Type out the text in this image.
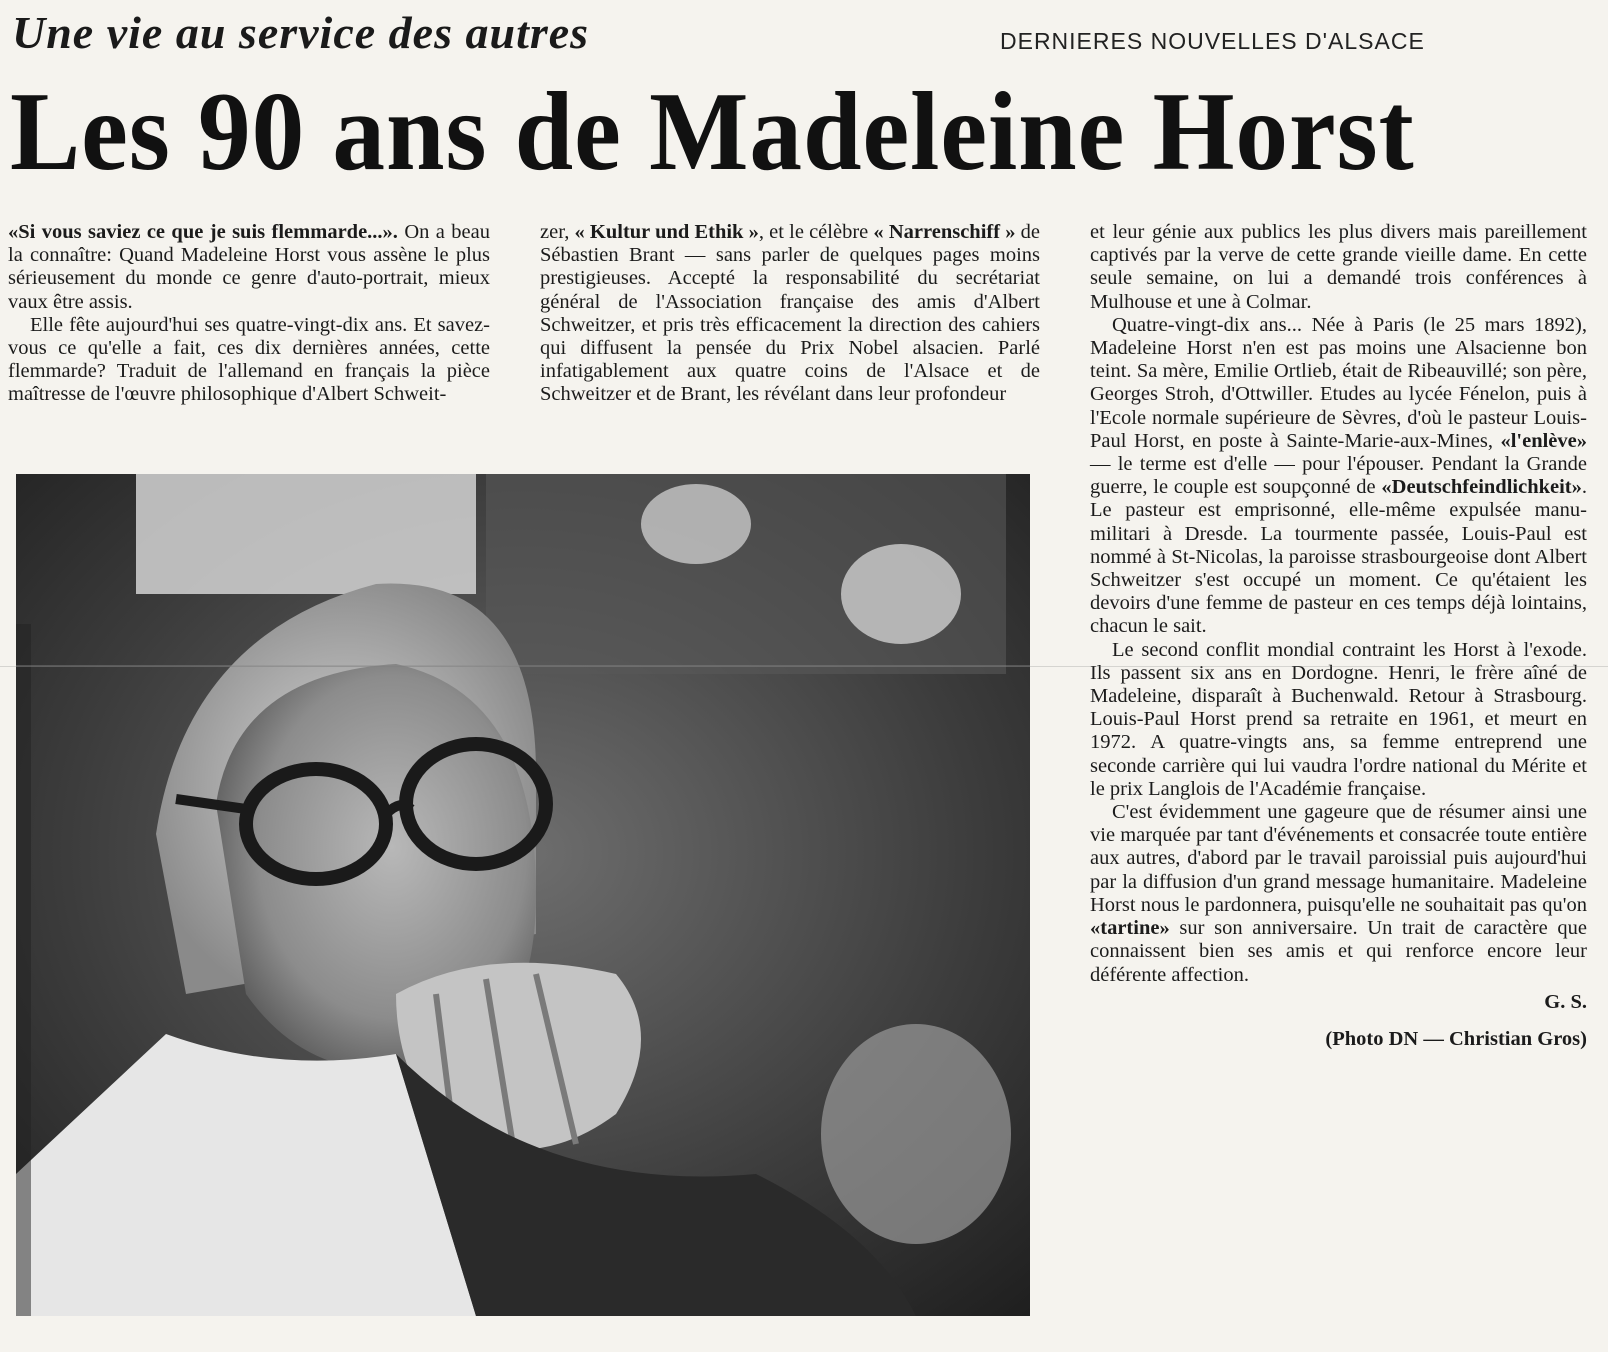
Une vie au service des autres	DERNIERES NOUVELLES D'ALSACE
Les 90 ans de Madeleine Horst

«Si vous saviez ce que je suis flemmarde...». On a beau la connaître: Quand Madeleine Horst vous assène le plus sérieusement du monde ce genre d'auto-portrait, mieux vaux être assis.

Elle fête aujourd'hui ses quatre-vingt-dix ans. Et savez-vous ce qu'elle a fait, ces dix dernières années, cette flemmarde? Traduit de l'allemand en français la pièce maîtresse de l'œuvre philosophique d'Albert Schweit-

zer, « Kultur und Ethik », et le célèbre « Narrenschiff » de Sébastien Brant — sans parler de quelques pages moins prestigieuses. Accepté la responsabilité du secrétariat général de l'Association française des amis d'Albert Schweitzer, et pris très efficacement la direction des cahiers qui diffusent la pensée du Prix Nobel alsacien. Parlé infatigablement aux quatre coins de l'Alsace et de Schweitzer et de Brant, les révélant dans leur profondeur

et leur génie aux publics les plus divers mais pareillement captivés par la verve de cette grande vieille dame. En cette seule semaine, on lui a demandé trois conférences à Mulhouse et une à Colmar.

Quatre-vingt-dix ans... Née à Paris (le 25 mars 1892), Madeleine Horst n'en est pas moins une Alsacienne bon teint. Sa mère, Emilie Ortlieb, était de Ribeauvillé; son père, Georges Stroh, d'Ottwiller. Etudes au lycée Fénelon, puis à l'Ecole normale supérieure de Sèvres, d'où le pasteur Louis-Paul Horst, en poste à Sainte-Marie-aux-Mines, «l'enlève» — le terme est d'elle — pour l'épouser. Pendant la Grande guerre, le couple est soupçonné de «Deutschfeindlichkeit». Le pasteur est emprisonné, elle-même expulsée manu-militari à Dresde. La tourmente passée, Louis-Paul est nommé à St-Nicolas, la paroisse strasbourgeoise dont Albert Schweitzer s'est occupé un moment. Ce qu'étaient les devoirs d'une femme de pasteur en ces temps déjà lointains, chacun le sait.

Le second conflit mondial contraint les Horst à l'exode. Ils passent six ans en Dordogne. Henri, le frère aîné de Madeleine, disparaît à Buchenwald. Retour à Strasbourg. Louis-Paul Horst prend sa retraite en 1961, et meurt en 1972. A quatre-vingts ans, sa femme entreprend une seconde carrière qui lui vaudra l'ordre national du Mérite et le prix Langlois de l'Académie française.

C'est évidemment une gageure que de résumer ainsi une vie marquée par tant d'événements et consacrée toute entière aux autres, d'abord par le travail paroissial puis aujourd'hui par la diffusion d'un grand message humanitaire. Madeleine Horst nous le pardonnera, puisqu'elle ne souhaitait pas qu'on «tartine» sur son anniversaire. Un trait de caractère que connaissent bien ses amis et qui renforce encore leur déférente affection.

G. S.
(Photo DN — Christian Gros)
